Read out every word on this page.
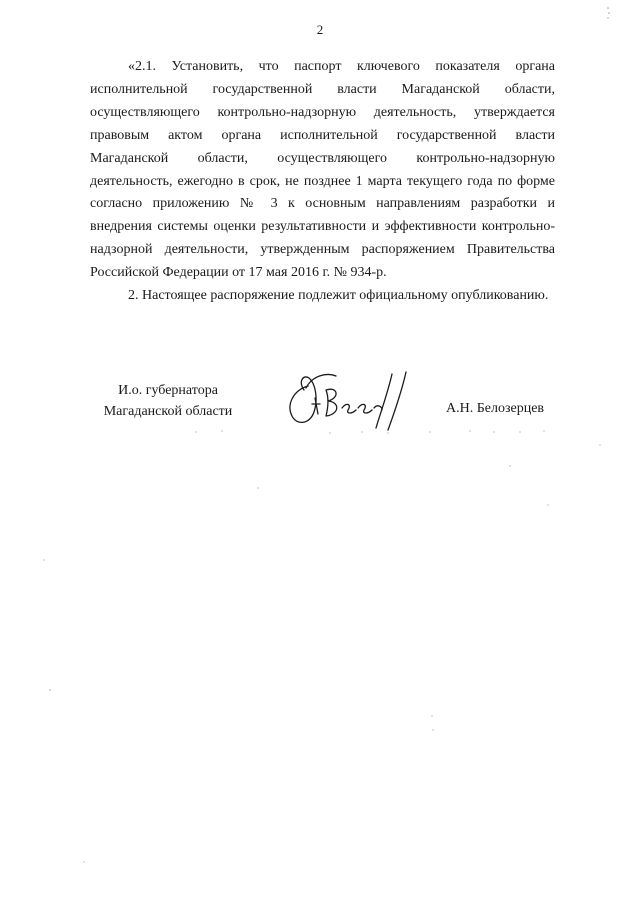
2

«2.1. Установить, что паспорт ключевого показателя органа исполнительной государственной власти Магаданской области, осуществляющего контрольно-надзорную деятельность, утверждается правовым актом органа исполнительной государственной власти Магаданской области, осуществляющего контрольно-надзорную деятельность, ежегодно в срок, не позднее 1 марта текущего года по форме согласно приложению № 3 к основным направлениям разработки и внедрения системы оценки результативности и эффективности контрольно-надзорной деятельности, утвержденным распоряжением Правительства Российской Федерации от 17 мая 2016 г. № 934-р.

2. Настоящее распоряжение подлежит официальному опубликованию.

И.о. губернатора
Магаданской области	А.Н. Белозерцев
